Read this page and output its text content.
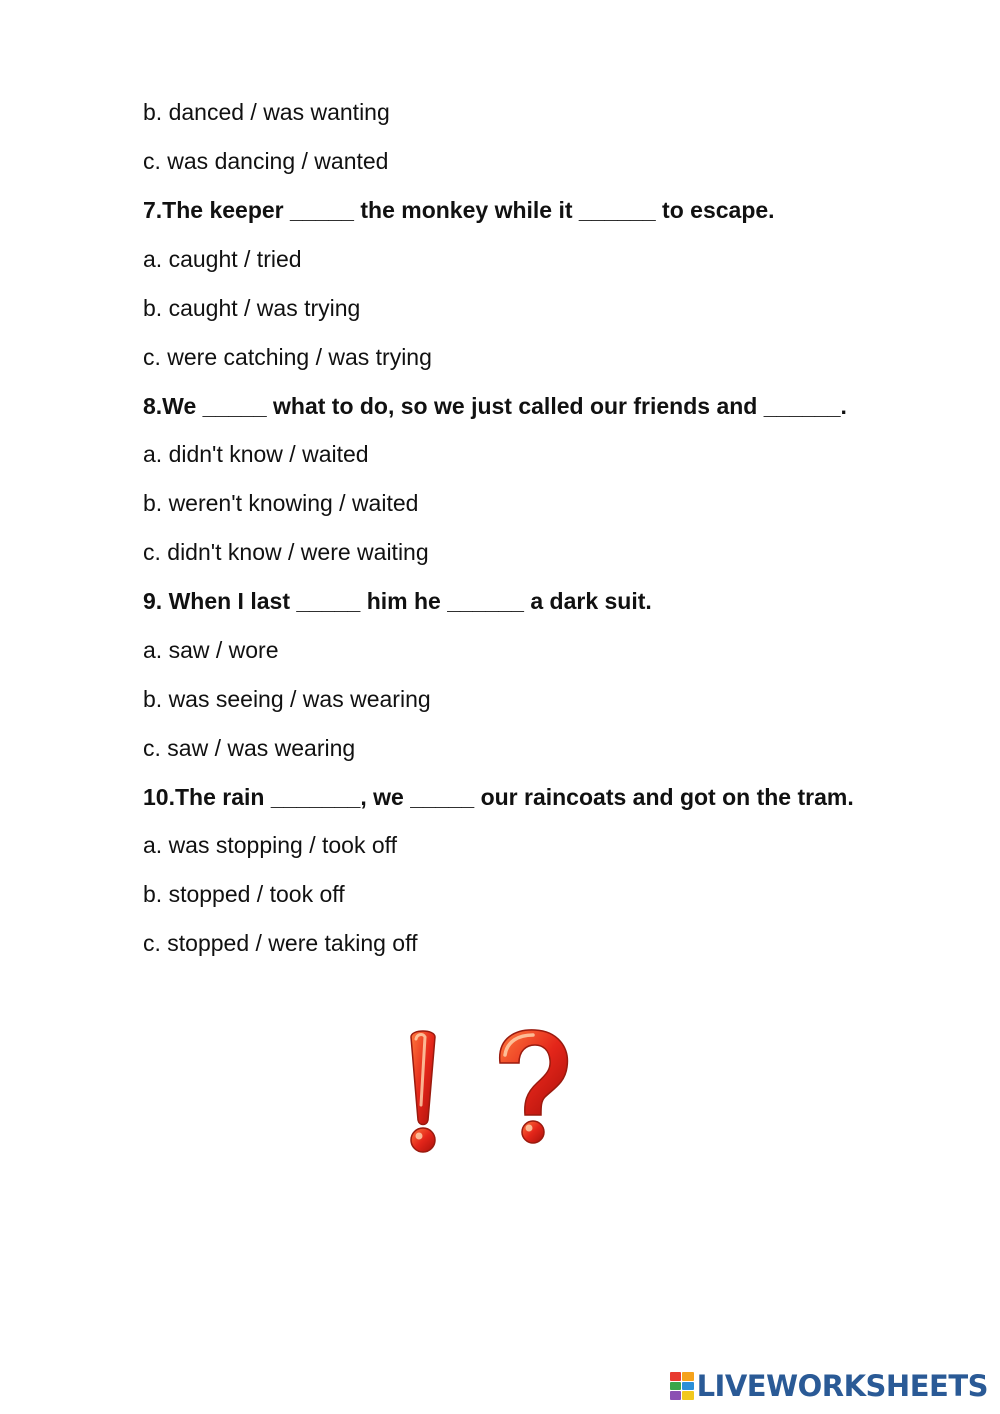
b. danced / was wanting
c. was dancing / wanted
7.The keeper _____ the monkey while it ______ to escape.
a. caught / tried
b. caught / was trying
c. were catching / was trying
8.We _____ what to do, so we just called our friends and ______.
a. didn't know / waited
b. weren't knowing / waited
c. didn't know / were waiting
9. When I last _____ him he ______ a dark suit.
a. saw / wore
b. was seeing / was wearing
c. saw / was wearing
10.The rain _______, we _____ our raincoats and got on the tram.
a. was stopping / took off
b. stopped / took off
c. stopped / were taking off
LIVEWORKSHEETS
